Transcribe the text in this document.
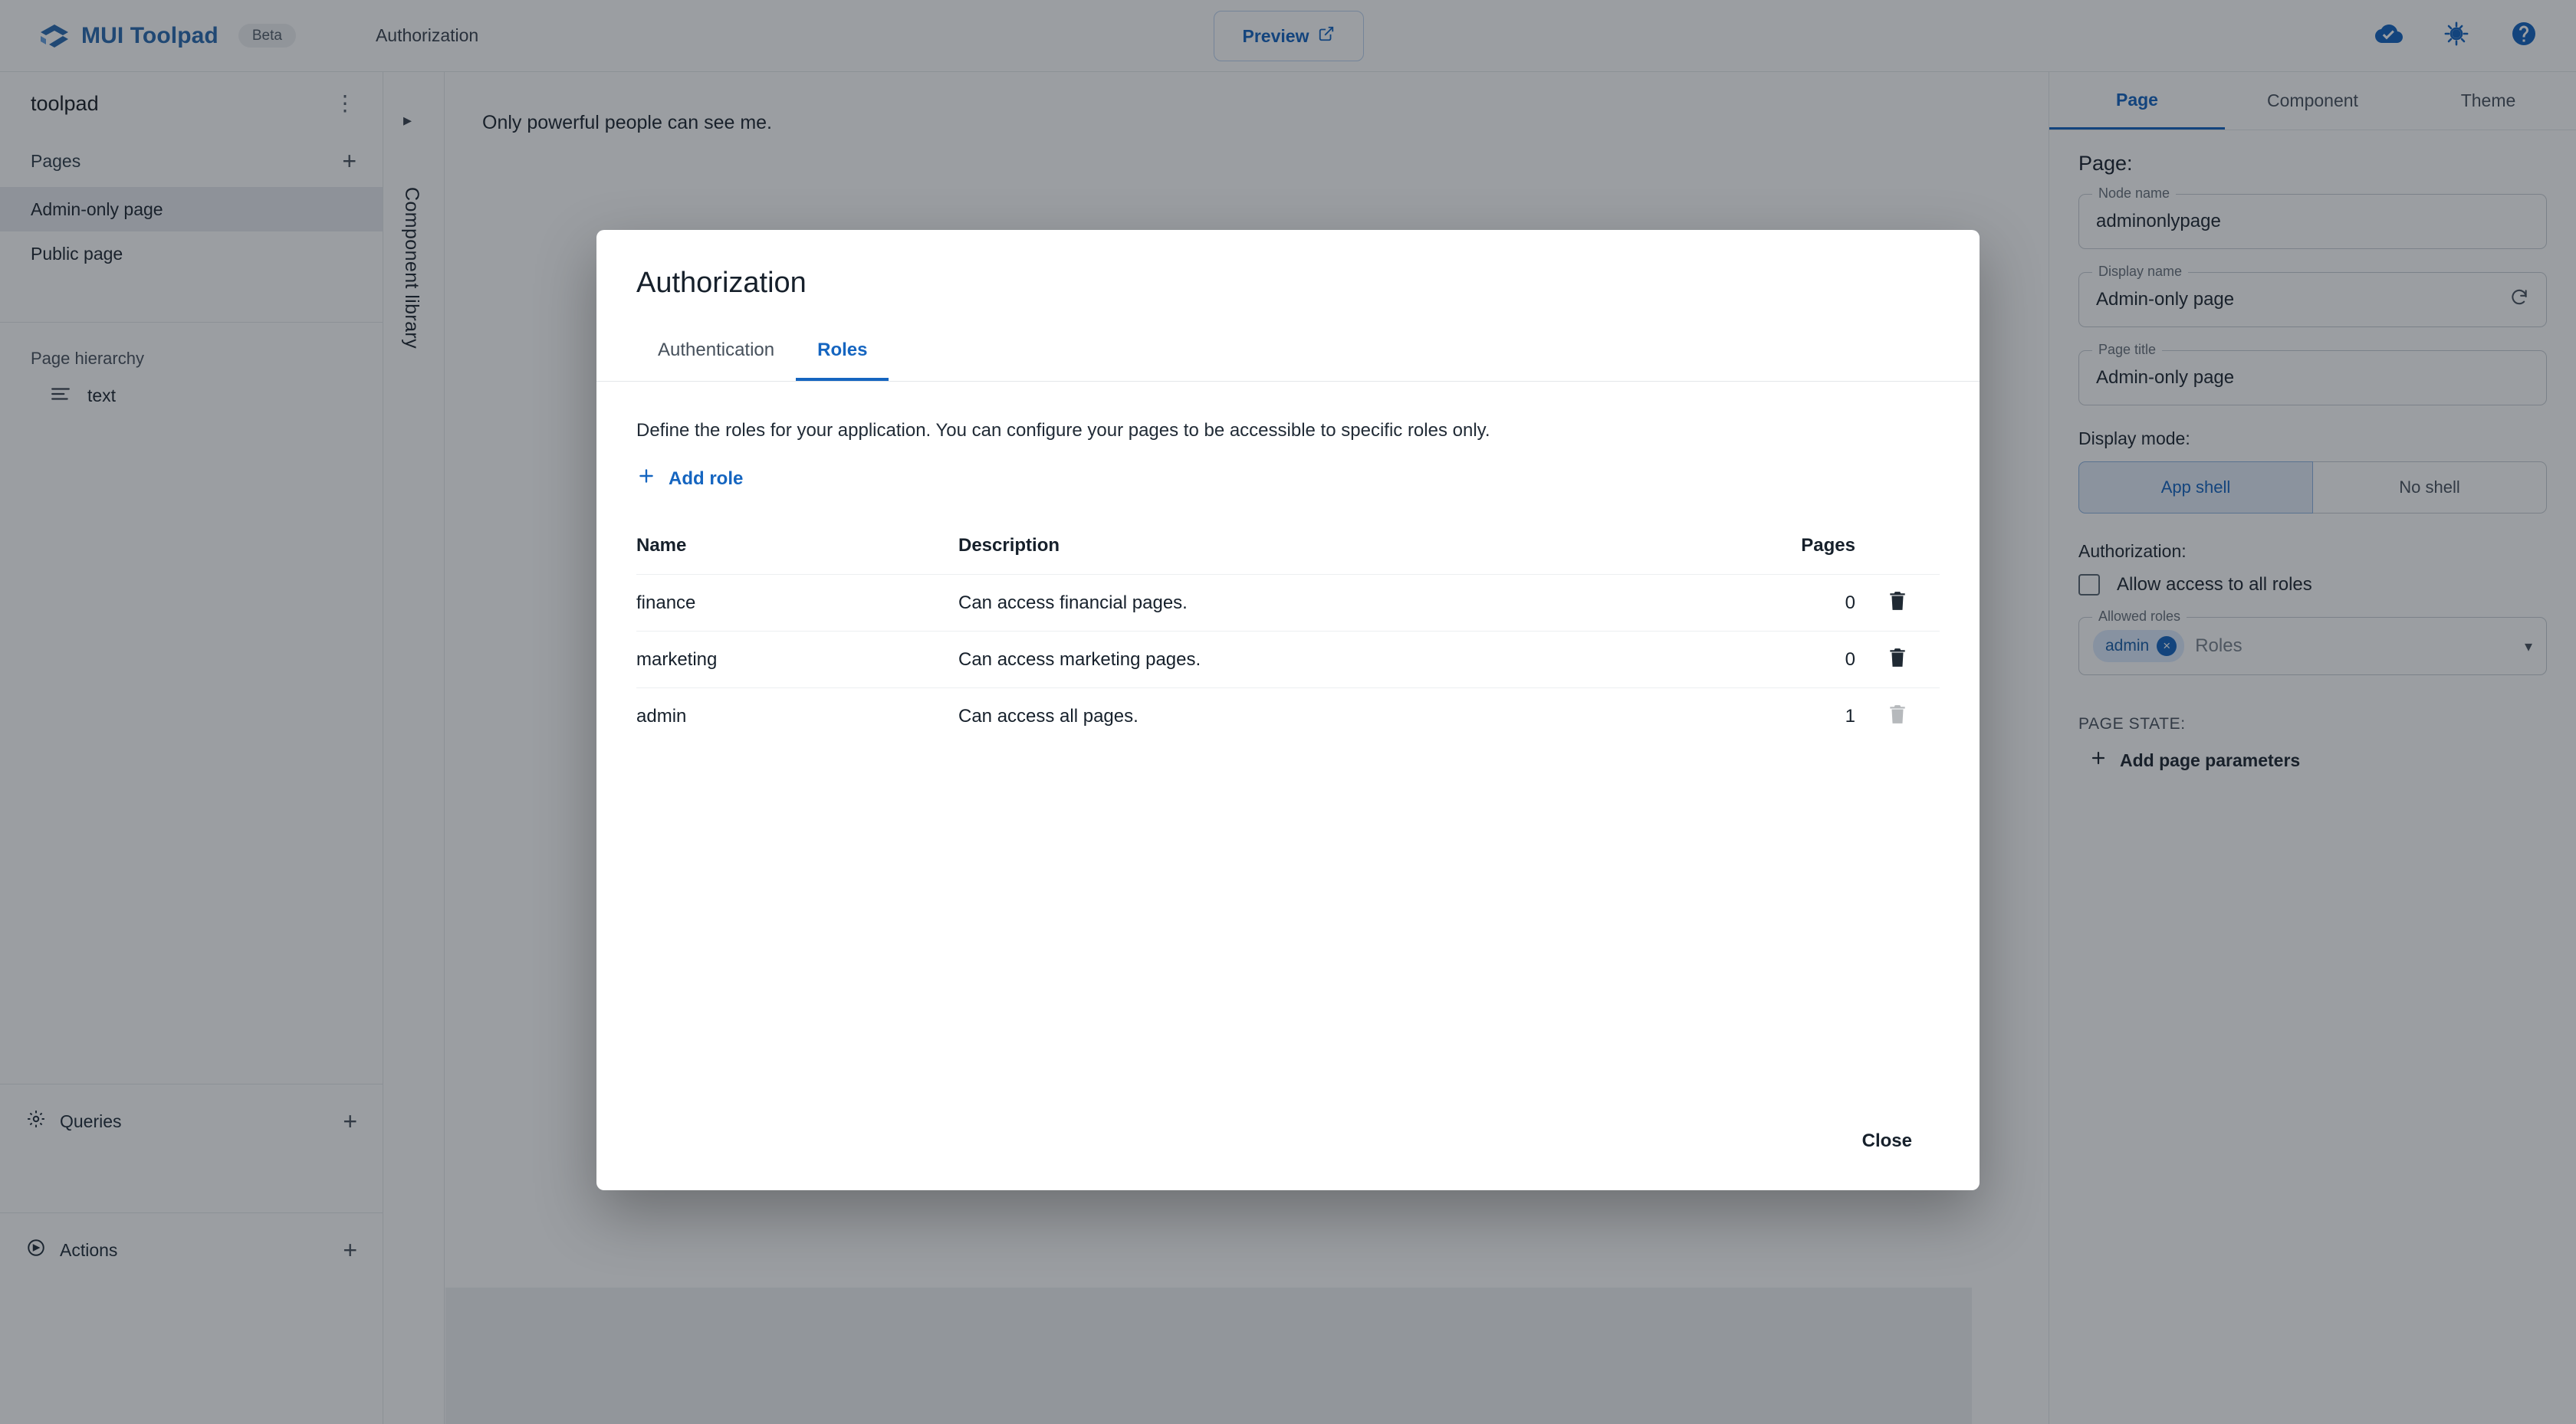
MUI Toolpad	Beta	Authorization	Preview
toolpad	⋮
Pages	+
Admin-only page
Public page
Page hierarchy
text
Queries	+
Actions	+
▸
Component library
Only powerful people can see me.
Page	Component	Theme
Page:
Node name
adminonlypage
Display name
Admin-only page
Page title
Admin-only page
Display mode:
App shell	No shell
Authorization:
Allow access to all roles
Allowed roles
admin	×	Roles	▾
PAGE STATE:
Add page parameters
Authorization
Authentication	Roles
Define the roles for your application. You can configure your pages to be accessible to specific roles only.
Add role
Name	Description	Pages
finance	Can access financial pages.	0
marketing	Can access marketing pages.	0
admin	Can access all pages.	1
Close
